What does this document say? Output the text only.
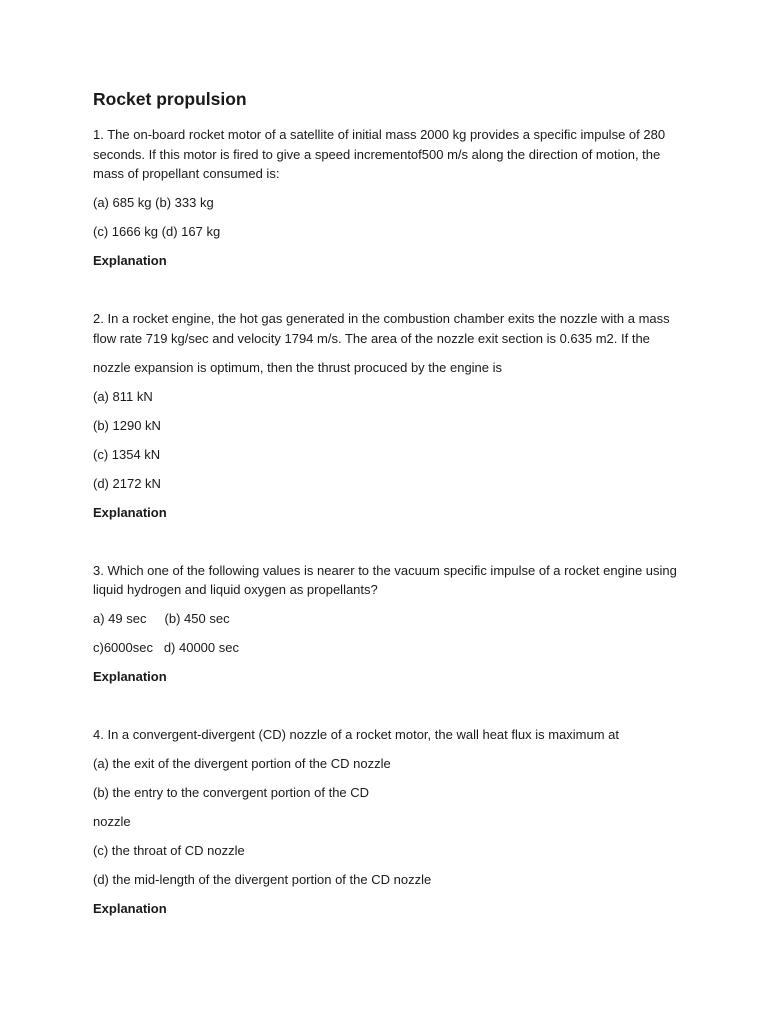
Rocket propulsion
1. The on-board rocket motor of a satellite of initial mass 2000 kg provides a specific impulse of 280 seconds. If this motor is fired to give a speed incrementof500 m/s along the direction of motion, the mass of propellant consumed is:
(a) 685 kg (b) 333 kg
(c) 1666 kg (d) 167 kg
Explanation
2. In a rocket engine, the hot gas generated in the combustion chamber exits the nozzle with a mass flow rate 719 kg/sec and velocity 1794 m/s. The area of the nozzle exit section is 0.635 m2. If the
nozzle expansion is optimum, then the thrust procuced by the engine is
(a) 811 kN
(b) 1290 kN
(c) 1354 kN
(d) 2172 kN
Explanation
3. Which one of the following values is nearer to the vacuum specific impulse of a rocket engine using liquid hydrogen and liquid oxygen as propellants?
a) 49 sec     (b) 450 sec
c)6000sec   d) 40000 sec
Explanation
4. In a convergent-divergent (CD) nozzle of a rocket motor, the wall heat flux is maximum at
(a) the exit of the divergent portion of the CD nozzle
(b) the entry to the convergent portion of the CD
nozzle
(c) the throat of CD nozzle
(d) the mid-length of the divergent portion of the CD nozzle
Explanation
